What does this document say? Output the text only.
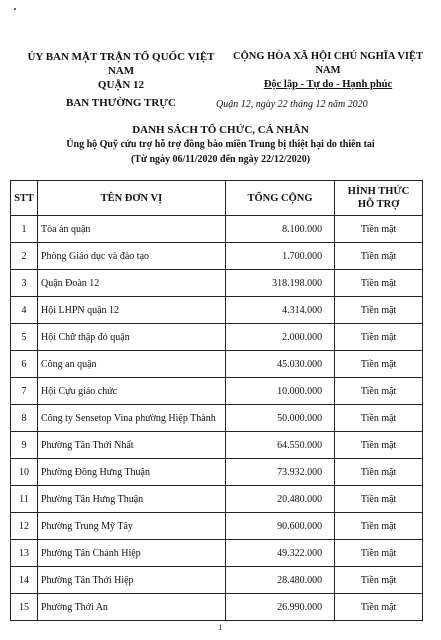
ỦY BAN MẶT TRẬN TỔ QUỐC VIỆT NAM
QUẬN 12
BAN THƯỜNG TRỰC
CỘNG HÒA XÃ HỘI CHỦ NGHĨA VIỆT NAM
Độc lập - Tự do - Hạnh phúc
Quận 12, ngày 22 tháng 12 năm 2020
DANH SÁCH TỔ CHỨC, CÁ NHÂN
Ủng hộ Quỹ cứu trợ hỗ trợ đồng bào miền Trung bị thiệt hại do thiên tai
(Từ ngày 06/11/2020 đến ngày 22/12/2020)
STT	TÊN ĐƠN VỊ	TỔNG CỘNG	HÌNH THỨC
HỖ TRỢ
1	Tòa án quận	8.100.000	Tiền mặt
2	Phòng Giáo dục và đào tạo	1.700.000	Tiền mặt
3	Quận Đoàn 12	318.198.000	Tiền mặt
4	Hội LHPN quận 12	4.314.000	Tiền mặt
5	Hội Chữ thập đỏ quận	2.000.000	Tiền mặt
6	Công an quận	45.030.000	Tiền mặt
7	Hội Cựu giáo chức	10.000.000	Tiền mặt
8	Công ty Sensetop Vina phường Hiệp Thành	50.000.000	Tiền mặt
9	Phường Tân Thới Nhất	64.550.000	Tiền mặt
10	Phường Đông Hưng Thuận	73.932.000	Tiền mặt
11	Phường Tân Hưng Thuận	20.480.000	Tiền mặt
12	Phường Trung Mỹ Tây	90.600.000	Tiền mặt
13	Phường Tân Chánh Hiệp	49.322.000	Tiền mặt
14	Phường Tân Thới Hiệp	28.480.000	Tiền mặt
15	Phường Thới An	26.990.000	Tiền mặt
1
